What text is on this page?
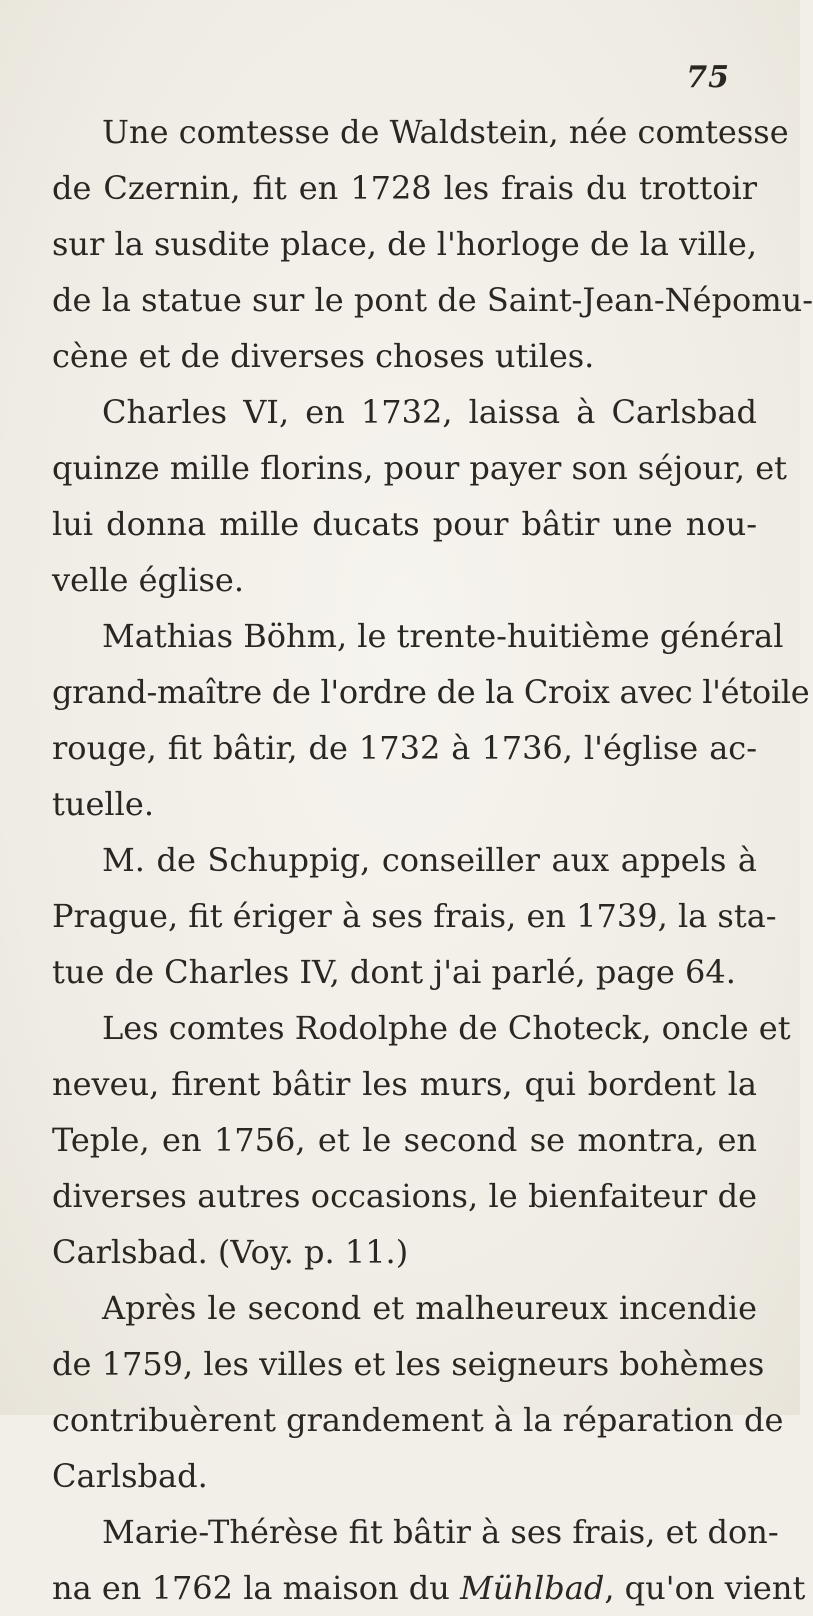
75
Une comtesse de Waldstein, née comtesse
de Czernin, fit en 1728 les frais du trottoir
sur la susdite place, de l'horloge de la ville,
de la statue sur le pont de Saint-Jean-Népomu-
cène et de diverses choses utiles.
Charles VI, en 1732, laissa à Carlsbad
quinze mille florins, pour payer son séjour, et
lui donna mille ducats pour bâtir une nou-
velle église.
Mathias Böhm, le trente-huitième général
grand-maître de l'ordre de la Croix avec l'étoile
rouge, fit bâtir, de 1732 à 1736, l'église ac-
tuelle.
M. de Schuppig, conseiller aux appels à
Prague, fit ériger à ses frais, en 1739, la sta-
tue de Charles IV, dont j'ai parlé, page 64.
Les comtes Rodolphe de Choteck, oncle et
neveu, firent bâtir les murs, qui bordent la
Teple, en 1756, et le second se montra, en
diverses autres occasions, le bienfaiteur de
Carlsbad. (Voy. p. 11.)
Après le second et malheureux incendie
de 1759, les villes et les seigneurs bohèmes
contribuèrent grandement à la réparation de
Carlsbad.
Marie-Thérèse fit bâtir à ses frais, et don-
na en 1762 la maison du Mühlbad, qu'on vient
